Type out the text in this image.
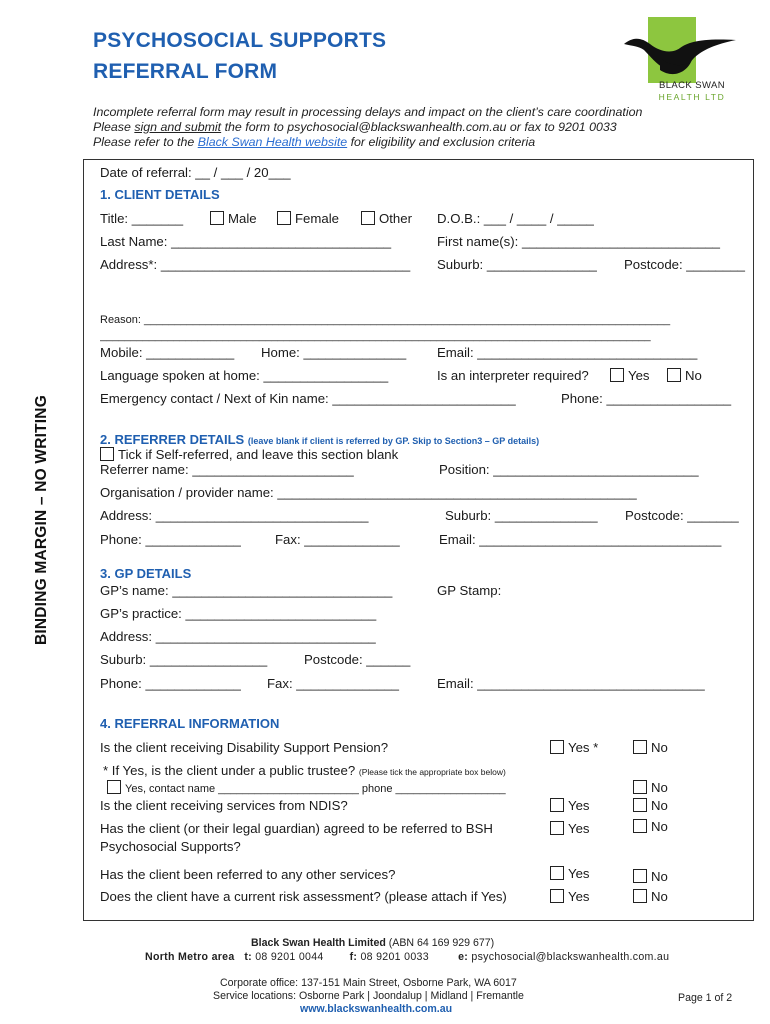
PSYCHOSOCIAL SUPPORTS
REFERRAL FORM
BLACK SWAN
HEALTH LTD
Incomplete referral form may result in processing delays and impact on the client’s care coordination
Please sign and submit the form to psychosocial@blackswanhealth.com.au or fax to 9201 0033
Please refer to the Black Swan Health website for eligibility and exclusion criteria
BINDING MARGIN – NO WRITING
Date of referral: __ / ___ / 20___
1. CLIENT DETAILS
Title: _______	Male	Female	Other D.O.B.: ___ / ____ / _____
Last Name: ______________________________	First name(s): ___________________________
Address*: __________________________________ Suburb: _______________ Postcode: ________
Reason: ______________________________________________________________________________________
__________________________________________________________________________________________
Mobile: ____________ Home: ______________ Email: ______________________________
Language spoken at home: _________________	Is an interpreter required?	Yes	No
Emergency contact / Next of Kin name: _________________________	Phone: _________________
2. REFERRER DETAILS (leave blank if client is referred by GP. Skip to Section3 – GP details)
Tick if Self-referred, and leave this section blank
Referrer name: ______________________	Position: ____________________________
Organisation / provider name: _________________________________________________
Address: _____________________________	Suburb: ______________ Postcode: _______
Phone: _____________	Fax: _____________	Email: _________________________________
3. GP DETAILS
GP’s name: ______________________________	GP Stamp:
GP’s practice: __________________________
Address: ______________________________
Suburb: ________________	Postcode: ______
Phone: _____________ Fax: ______________	Email: _______________________________
4. REFERRAL INFORMATION
Is the client receiving Disability Support Pension?	Yes *	No
* If Yes, is the client under a public trustee? (Please tick the appropriate box below)
Yes, contact name _______________________ phone __________________	No
Is the client receiving services from NDIS?	Yes	No
Has the client (or their legal guardian) agreed to be referred to BSH
Psychosocial Supports?
Yes	No
Has the client been referred to any other services?	Yes	No
Does the client have a current risk assessment? (please attach if Yes)	Yes	No
Black Swan Health Limited (ABN 64 169 929 677)
North Metro area t: 08 9201 0044 f: 08 9201 0033	e: psychosocial@blackswanhealth.com.au
Corporate office: 137-151 Main Street, Osborne Park, WA 6017
Service locations: Osborne Park | Joondalup | Midland | Fremantle
www.blackswanhealth.com.au
Page 1 of 2
